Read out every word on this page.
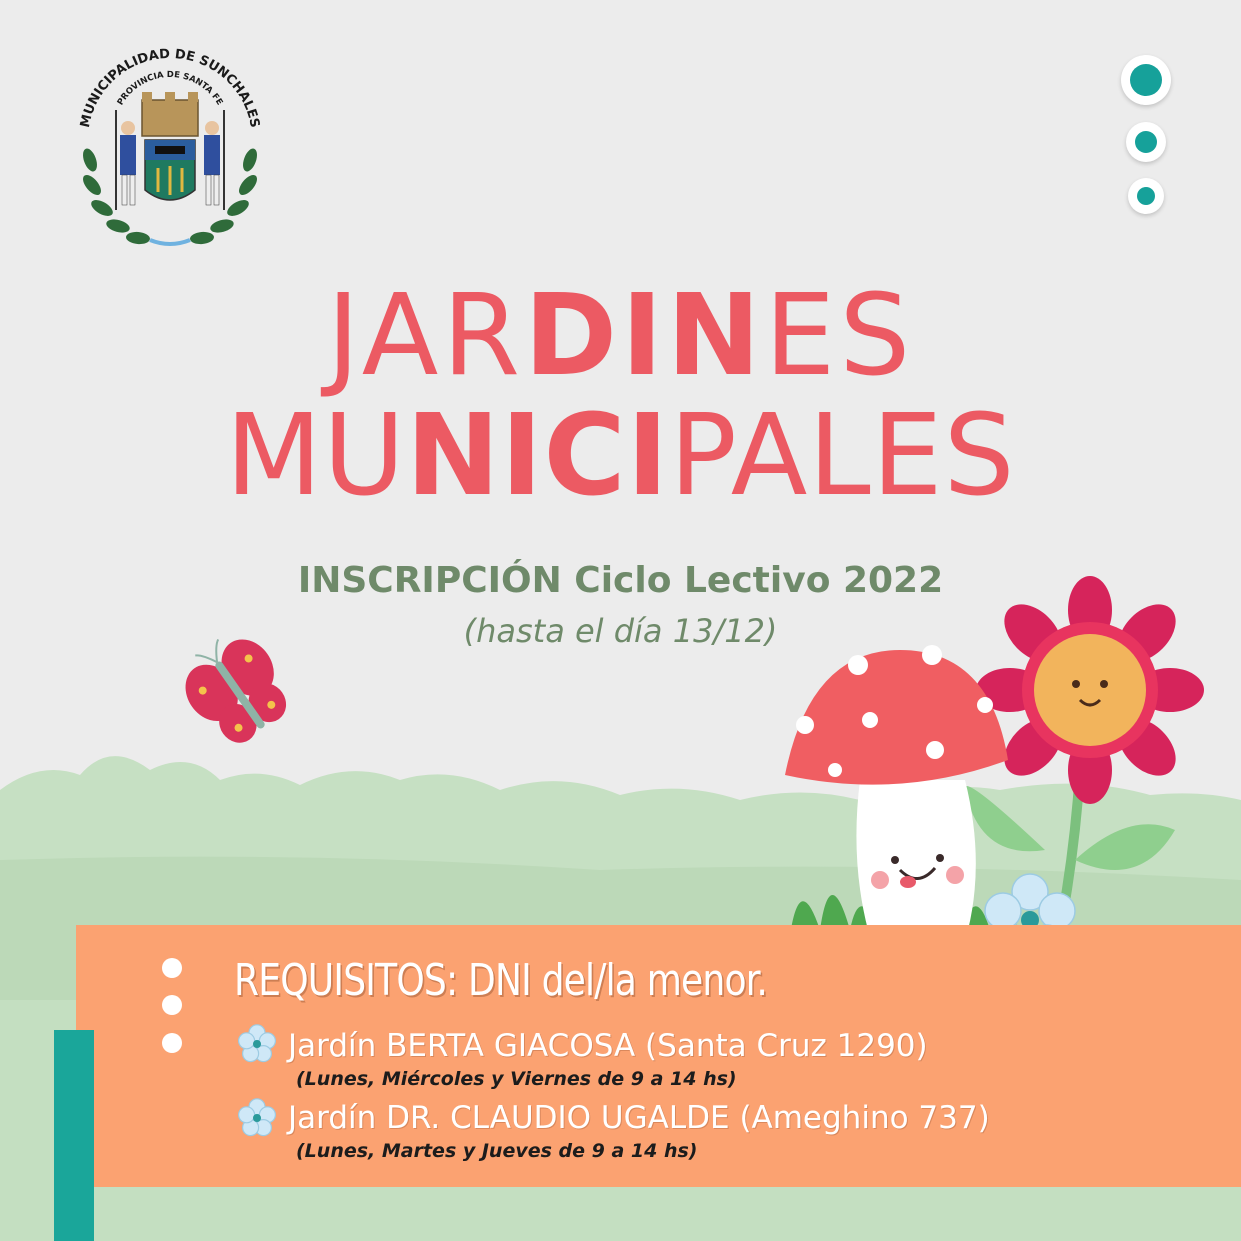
MUNICIPALIDAD DE SUNCHALES
PROVINCIA DE SANTA FE
JARDINES
MUNICIPALES
INSCRIPCIÓN Ciclo Lectivo 2022
(hasta el día 13/12)
REQUISITOS: DNI del/la menor.
Jardín BERTA GIACOSA (Santa Cruz 1290)
(Lunes, Miércoles y Viernes de 9 a 14 hs)
Jardín DR. CLAUDIO UGALDE (Ameghino 737)
(Lunes, Martes y Jueves de 9 a 14 hs)
